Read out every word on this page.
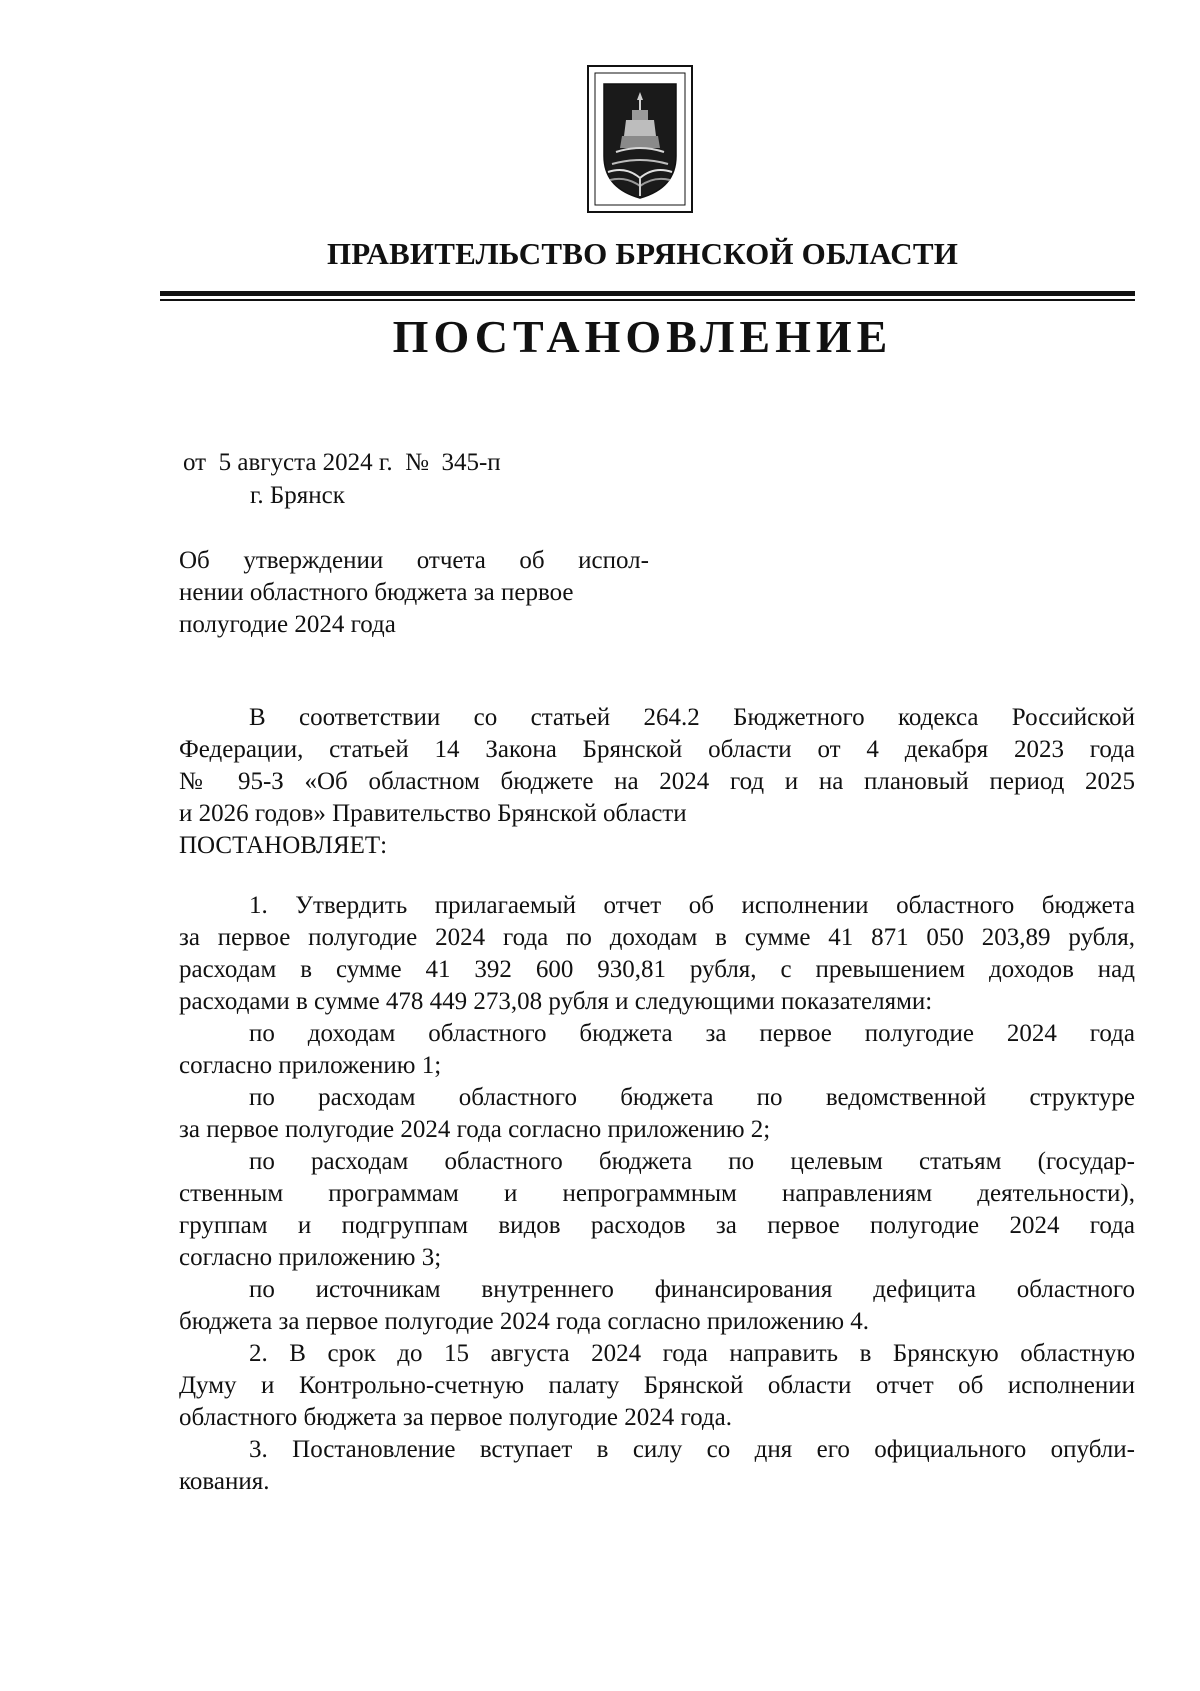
ПРАВИТЕЛЬСТВО БРЯНСКОЙ ОБЛАСТИ
ПОСТАНОВЛЕНИЕ
от  5 августа 2024 г.  №  345-п
г. Брянск
Об утверждении отчета об испол-
нении областного бюджета за первое
полугодие 2024 года
В соответствии со статьей 264.2 Бюджетного кодекса Российской
Федерации, статьей 14 Закона Брянской области от 4 декабря 2023 года
№ 95-З «Об областном бюджете на 2024 год и на плановый период 2025
и 2026 годов» Правительство Брянской области
ПОСТАНОВЛЯЕТ:
1. Утвердить прилагаемый отчет об исполнении областного бюджета
за первое полугодие 2024 года по доходам в сумме 41 871 050 203,89 рубля,
расходам в сумме 41 392 600 930,81 рубля, с превышением доходов над
расходами в сумме 478 449 273,08 рубля и следующими показателями:
по доходам областного бюджета за первое полугодие 2024 года
согласно приложению 1;
по расходам областного бюджета по ведомственной структуре
за первое полугодие 2024 года согласно приложению 2;
по расходам областного бюджета по целевым статьям (государ-
ственным программам и непрограммным направлениям деятельности),
группам и подгруппам видов расходов за первое полугодие 2024 года
согласно приложению 3;
по источникам внутреннего финансирования дефицита областного
бюджета за первое полугодие 2024 года согласно приложению 4.
2. В срок до 15 августа 2024 года направить в Брянскую областную
Думу и Контрольно-счетную палату Брянской области отчет об исполнении
областного бюджета за первое полугодие 2024 года.
3. Постановление вступает в силу со дня его официального опубли-
кования.
